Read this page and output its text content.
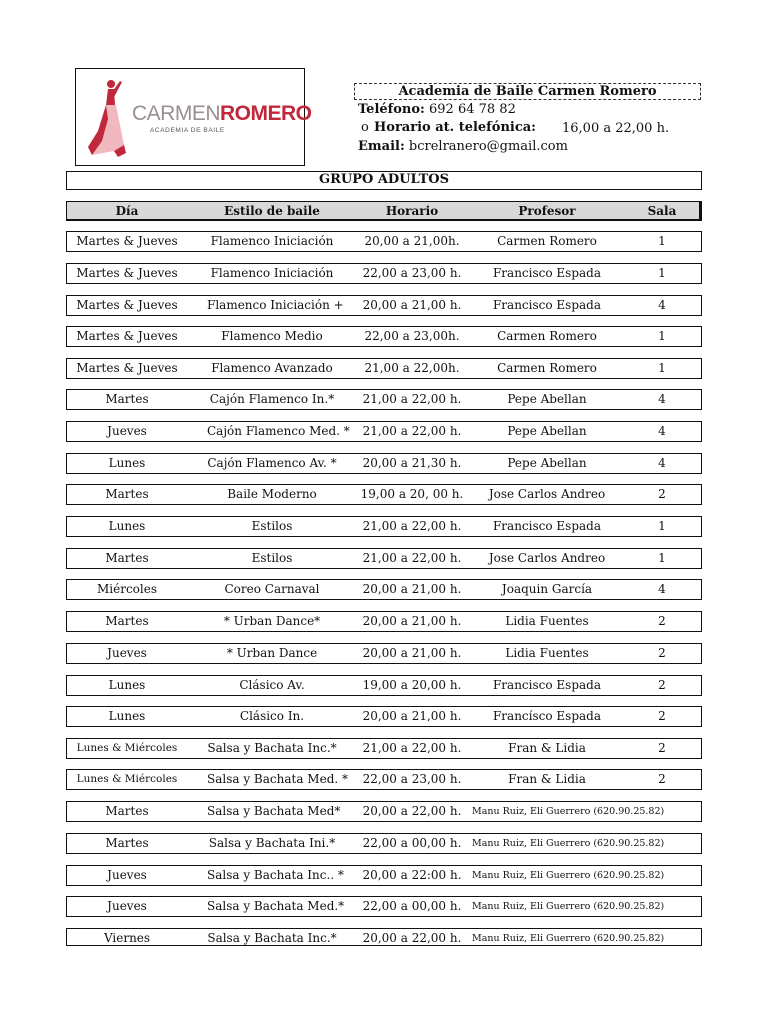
CARMENROMERO
ACADEMIA DE BAILE
Academia de Baile Carmen Romero
Teléfono: 692 64 78 82
o Horario at. telefónica: 16,00 a 22,00 h.
Email: bcrelranero@gmail.com
GRUPO ADULTOS
Día	Estilo de baile	Horario	Profesor	Sala
Martes & Jueves	Flamenco Iniciación	20,00 a 21,00h.	Carmen Romero	1
Martes & Jueves	Flamenco Iniciación	22,00 a 23,00 h.	Francisco Espada	1
Martes & Jueves	Flamenco Iniciación +	20,00 a 21,00 h.	Francisco Espada	4
Martes & Jueves	Flamenco Medio	22,00 a 23,00h.	Carmen Romero	1
Martes & Jueves	Flamenco Avanzado	21,00 a 22,00h.	Carmen Romero	1
Martes	Cajón Flamenco In.*	21,00 a 22,00 h.	Pepe Abellan	4
Jueves	Cajón Flamenco Med. *	21,00 a 22,00 h.	Pepe Abellan	4
Lunes	Cajón Flamenco Av. *	20,00 a 21,30 h.	Pepe Abellan	4
Martes	Baile Moderno	19,00 a 20, 00 h.	Jose Carlos Andreo	2
Lunes	Estilos	21,00 a 22,00 h.	Francisco Espada	1
Martes	Estilos	21,00 a 22,00 h.	Jose Carlos Andreo	1
Miércoles	Coreo Carnaval	20,00 a 21,00 h.	Joaquin García	4
Martes	* Urban Dance*	20,00 a 21,00 h.	Lidia Fuentes	2
Jueves	* Urban Dance	20,00 a 21,00 h.	Lidia Fuentes	2
Lunes	Clásico Av.	19,00 a 20,00 h.	Francisco Espada	2
Lunes	Clásico In.	20,00 a 21,00 h.	Francísco Espada	2
Lunes & Miércoles	Salsa y Bachata Inc.*	21,00 a 22,00 h.	Fran & Lidia	2
Lunes & Miércoles	Salsa y Bachata Med. *	22,00 a 23,00 h.	Fran & Lidia	2
Martes	Salsa y Bachata Med*	20,00 a 22,00 h.	Manu Ruiz, Eli Guerrero (620.90.25.82)
Martes	Salsa y Bachata Ini.*	22,00 a 00,00 h.	Manu Ruiz, Eli Guerrero (620.90.25.82)
Jueves	Salsa y Bachata Inc.. *	20,00 a 22:00 h.	Manu Ruiz, Eli Guerrero (620.90.25.82)
Jueves	Salsa y Bachata Med.*	22,00 a 00,00 h.	Manu Ruiz, Eli Guerrero (620.90.25.82)
Viernes	Salsa y Bachata Inc.*	20,00 a 22,00 h.	Manu Ruiz, Eli Guerrero (620.90.25.82)
